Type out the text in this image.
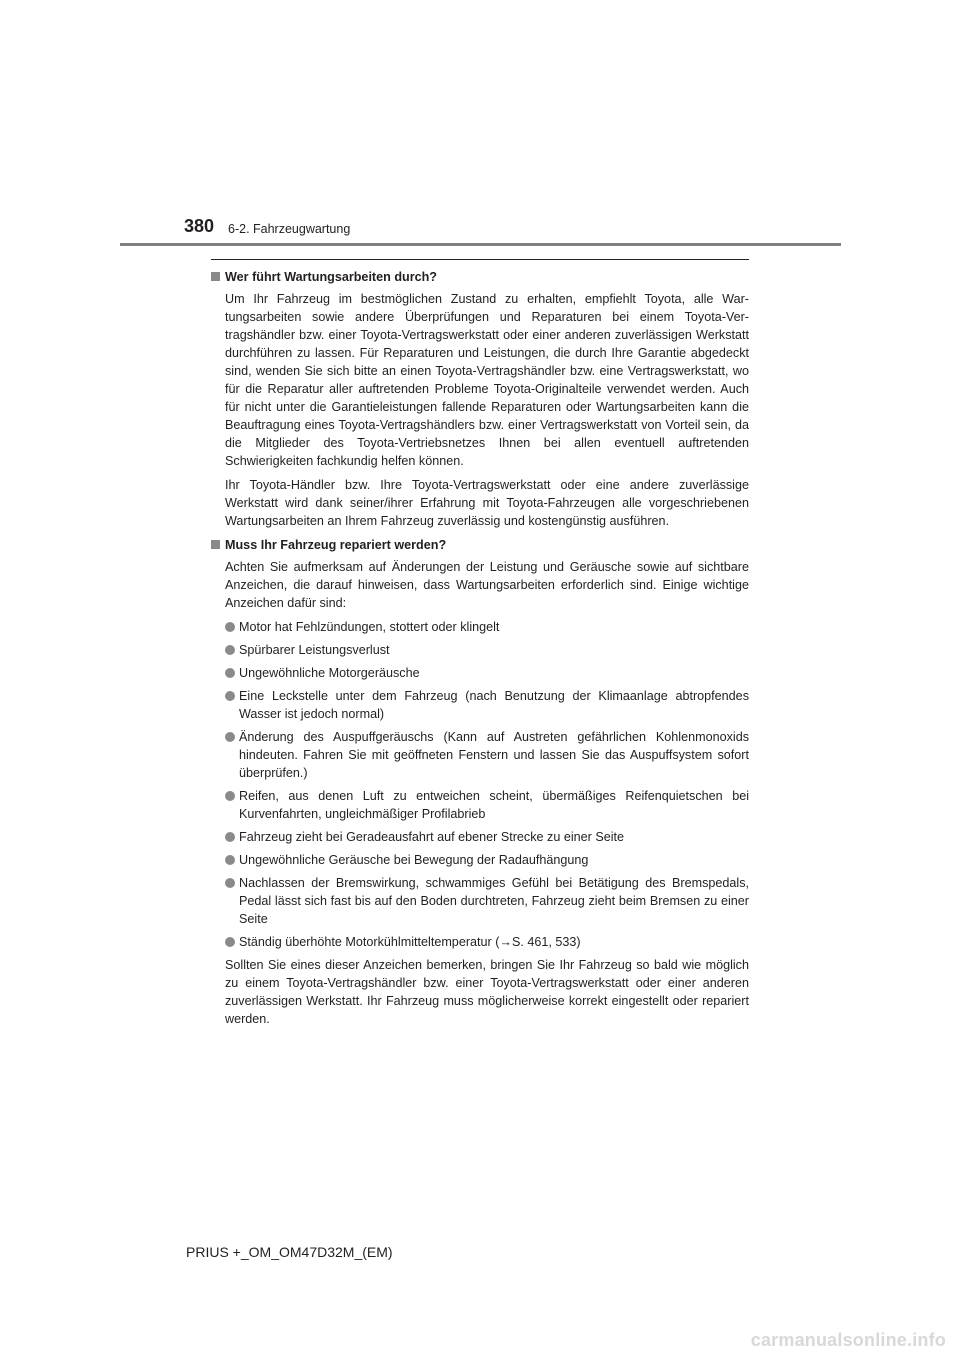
380 6-2. Fahrzeugwartung
Wer führt Wartungsarbeiten durch?
Um Ihr Fahrzeug im bestmöglichen Zustand zu erhalten, empfiehlt Toyota, alle Wartungsarbeiten sowie andere Überprüfungen und Reparaturen bei einem Toyota-Vertragshändler bzw. einer Toyota-Vertragswerkstatt oder einer anderen zuverlässigen Werkstatt durchführen zu lassen. Für Reparaturen und Leistungen, die durch Ihre Garantie abgedeckt sind, wenden Sie sich bitte an einen Toyota-Vertragshändler bzw. eine Vertragswerkstatt, wo für die Reparatur aller auftretenden Probleme Toyota-Originalteile verwendet werden. Auch für nicht unter die Garantieleistungen fallende Reparaturen oder Wartungsarbeiten kann die Beauftragung eines Toyota-Vertragshändlers bzw. einer Vertragswerkstatt von Vorteil sein, da die Mitglieder des Toyota-Vertriebsnetzes Ihnen bei allen eventuell auftretenden Schwierigkeiten fachkundig helfen können.
Ihr Toyota-Händler bzw. Ihre Toyota-Vertragswerkstatt oder eine andere zuverlässige Werkstatt wird dank seiner/ihrer Erfahrung mit Toyota-Fahrzeugen alle vorgeschriebenen Wartungsarbeiten an Ihrem Fahrzeug zuverlässig und kostengünstig ausführen.
Muss Ihr Fahrzeug repariert werden?
Achten Sie aufmerksam auf Änderungen der Leistung und Geräusche sowie auf sichtbare Anzeichen, die darauf hinweisen, dass Wartungsarbeiten erforderlich sind. Einige wichtige Anzeichen dafür sind:
Motor hat Fehlzündungen, stottert oder klingelt
Spürbarer Leistungsverlust
Ungewöhnliche Motorgeräusche
Eine Leckstelle unter dem Fahrzeug (nach Benutzung der Klimaanlage abtropfendes Wasser ist jedoch normal)
Änderung des Auspuffgeräuschs (Kann auf Austreten gefährlichen Kohlenmonoxids hindeuten. Fahren Sie mit geöffneten Fenstern und lassen Sie das Auspuffsystem sofort überprüfen.)
Reifen, aus denen Luft zu entweichen scheint, übermäßiges Reifenquietschen bei Kurvenfahrten, ungleichmäßiger Profilabrieb
Fahrzeug zieht bei Geradeausfahrt auf ebener Strecke zu einer Seite
Ungewöhnliche Geräusche bei Bewegung der Radaufhängung
Nachlassen der Bremswirkung, schwammiges Gefühl bei Betätigung des Bremspedals, Pedal lässt sich fast bis auf den Boden durchtreten, Fahrzeug zieht beim Bremsen zu einer Seite
Ständig überhöhte Motorkühlmitteltemperatur (→S. 461, 533)
Sollten Sie eines dieser Anzeichen bemerken, bringen Sie Ihr Fahrzeug so bald wie möglich zu einem Toyota-Vertragshändler bzw. einer Toyota-Vertragswerkstatt oder einer anderen zuverlässigen Werkstatt. Ihr Fahrzeug muss möglicherweise korrekt eingestellt oder repariert werden.
PRIUS +_OM_OM47D32M_(EM)
carmanualsonline.info
